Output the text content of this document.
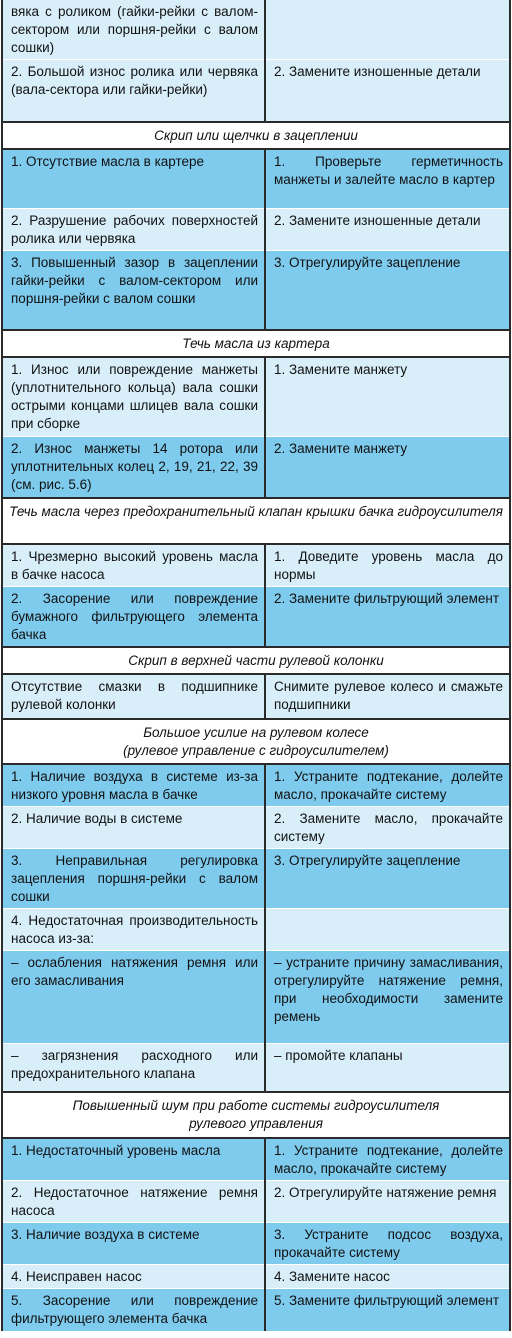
вяка с роликом (гайки-рейки с валом-сектором или поршня-рейки с валом сошки)	
2. Большой износ ролика или червяка (вала-сектора или гайки-рейки)	2. Замените изношенные детали
Скрип или щелчки в зацеплении	
1. Отсутствие масла в картере	1. Проверьте герметичность манжеты и залейте масло в картер
2. Разрушение рабочих поверхностей ролика или червяка	2. Замените изношенные детали
3. Повышенный зазор в зацеплении гайки-рейки с валом-сектором или поршня-рейки с валом сошки	3. Отрегулируйте зацепление
Течь масла из картера	
1. Износ или повреждение манжеты (уплотнительного кольца) вала сошки острыми концами шлицев вала сошки при сборке	1. Замените манжету
2. Износ манжеты 14 ротора или уплотнительных колец 2, 19, 21, 22, 39 (см. рис. 5.6)	2. Замените манжету
Течь масла через предохранительный клапан крышки бачка гидроусилителя	
1. Чрезмерно высокий уровень масла в бачке насоса	1. Доведите уровень масла до нормы
2. Засорение или повреждение бумажного фильтрующего элемента бачка	2. Замените фильтрующий элемент
Скрип в верхней части рулевой колонки	
Отсутствие смазки в подшипнике рулевой колонки	Снимите рулевое колесо и смажьте подшипники
Большое усилие на рулевом колесе
(рулевое управление с гидроусилителем)	
1. Наличие воздуха в системе из-за низкого уровня масла в бачке	1. Устраните подтекание, долейте масло, прокачайте систему
2. Наличие воды в системе	2. Замените масло, прокачайте систему
3. Неправильная регулировка зацепления поршня-рейки с валом сошки	3. Отрегулируйте зацепление
4. Недостаточная производительность насоса из-за:	
– ослабления натяжения ремня или его замасливания	– устраните причину замасливания, отрегулируйте натяжение ремня, при необходимости замените ремень
– загрязнения расходного или предохранительного клапана	– промойте клапаны
Повышенный шум при работе системы гидроусилителя
рулевого управления	
1. Недостаточный уровень масла	1. Устраните подтекание, долейте масло, прокачайте систему
2. Недостаточное натяжение ремня насоса	2. Отрегулируйте натяжение ремня
3. Наличие воздуха в системе	3. Устраните подсос воздуха, прокачайте систему
4. Неисправен насос	4. Замените насос
5. Засорение или повреждение фильтрующего элемента бачка	5. Замените фильтрующий элемент
